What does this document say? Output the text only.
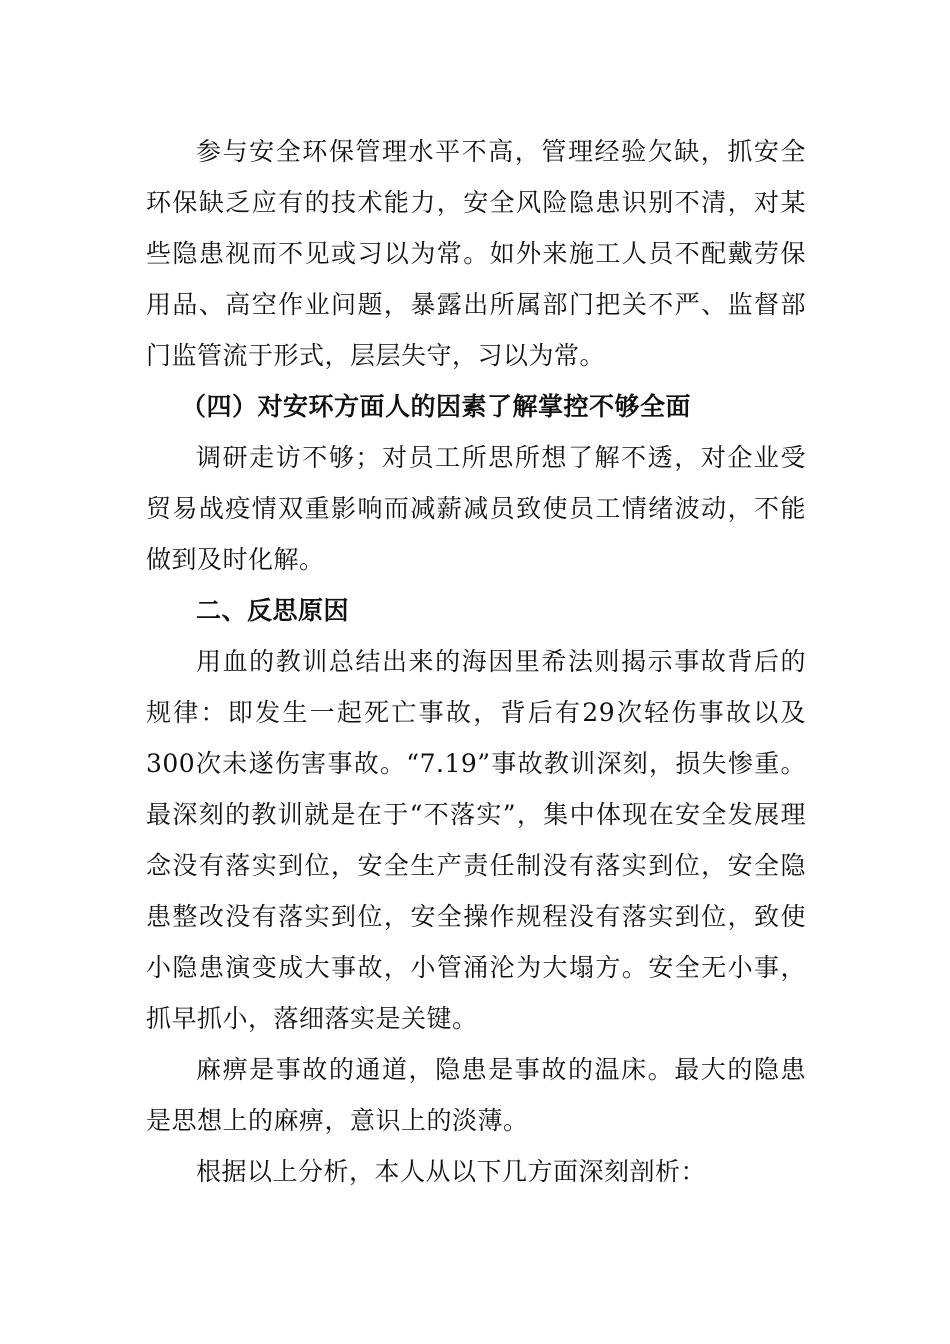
参与安全环保管理水平不高，管理经验欠缺，抓安全环保缺乏应有的技术能力，安全风险隐患识别不清，对某些隐患视而不见或习以为常。如外来施工人员不配戴劳保用品、高空作业问题，暴露出所属部门把关不严、监督部门监管流于形式，层层失守，习以为常。

（四）对安环方面人的因素了解掌控不够全面

调研走访不够；对员工所思所想了解不透，对企业受贸易战疫情双重影响而减薪减员致使员工情绪波动，不能做到及时化解。

二、反思原因

用血的教训总结出来的海因里希法则揭示事故背后的规律：即发生一起死亡事故，背后有29次轻伤事故以及300次未遂伤害事故。“7.19”事故教训深刻，损失惨重。最深刻的教训就是在于“不落实”，集中体现在安全发展理念没有落实到位，安全生产责任制没有落实到位，安全隐患整改没有落实到位，安全操作规程没有落实到位，致使小隐患演变成大事故，小管涌沦为大塌方。安全无小事，抓早抓小，落细落实是关键。

麻痹是事故的通道，隐患是事故的温床。最大的隐患是思想上的麻痹，意识上的淡薄。

根据以上分析，本人从以下几方面深刻剖析：
